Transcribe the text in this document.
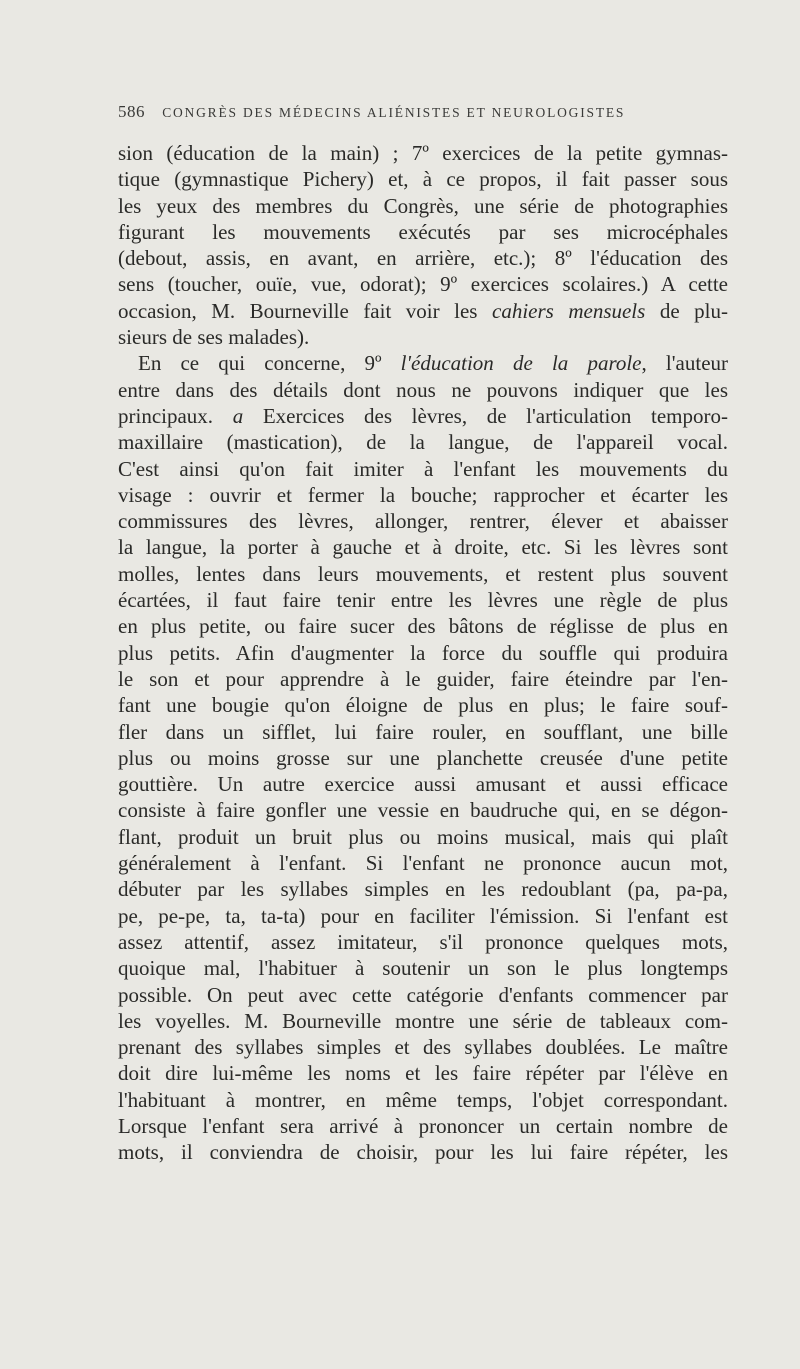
586 CONGRÈS DES MÉDECINS ALIÉNISTES ET NEUROLOGISTES
sion (éducation de la main) ; 7º exercices de la petite gymnas-
tique (gymnastique Pichery) et, à ce propos, il fait passer sous
les yeux des membres du Congrès, une série de photographies
figurant les mouvements exécutés par ses microcéphales
(debout, assis, en avant, en arrière, etc.); 8º l'éducation des
sens (toucher, ouïe, vue, odorat); 9º exercices scolaires.) A cette
occasion, M. Bourneville fait voir les cahiers mensuels de plu-
sieurs de ses malades).
En ce qui concerne, 9º l'éducation de la parole, l'auteur
entre dans des détails dont nous ne pouvons indiquer que les
principaux. a Exercices des lèvres, de l'articulation temporo-
maxillaire (mastication), de la langue, de l'appareil vocal.
C'est ainsi qu'on fait imiter à l'enfant les mouvements du
visage : ouvrir et fermer la bouche; rapprocher et écarter les
commissures des lèvres, allonger, rentrer, élever et abaisser
la langue, la porter à gauche et à droite, etc. Si les lèvres sont
molles, lentes dans leurs mouvements, et restent plus souvent
écartées, il faut faire tenir entre les lèvres une règle de plus
en plus petite, ou faire sucer des bâtons de réglisse de plus en
plus petits. Afin d'augmenter la force du souffle qui produira
le son et pour apprendre à le guider, faire éteindre par l'en-
fant une bougie qu'on éloigne de plus en plus; le faire souf-
fler dans un sifflet, lui faire rouler, en soufflant, une bille
plus ou moins grosse sur une planchette creusée d'une petite
gouttière. Un autre exercice aussi amusant et aussi efficace
consiste à faire gonfler une vessie en baudruche qui, en se dégon-
flant, produit un bruit plus ou moins musical, mais qui plaît
généralement à l'enfant. Si l'enfant ne prononce aucun mot,
débuter par les syllabes simples en les redoublant (pa, pa-pa,
pe, pe-pe, ta, ta-ta) pour en faciliter l'émission. Si l'enfant est
assez attentif, assez imitateur, s'il prononce quelques mots,
quoique mal, l'habituer à soutenir un son le plus longtemps
possible. On peut avec cette catégorie d'enfants commencer par
les voyelles. M. Bourneville montre une série de tableaux com-
prenant des syllabes simples et des syllabes doublées. Le maître
doit dire lui-même les noms et les faire répéter par l'élève en
l'habituant à montrer, en même temps, l'objet correspondant.
Lorsque l'enfant sera arrivé à prononcer un certain nombre de
mots, il conviendra de choisir, pour les lui faire répéter, les
